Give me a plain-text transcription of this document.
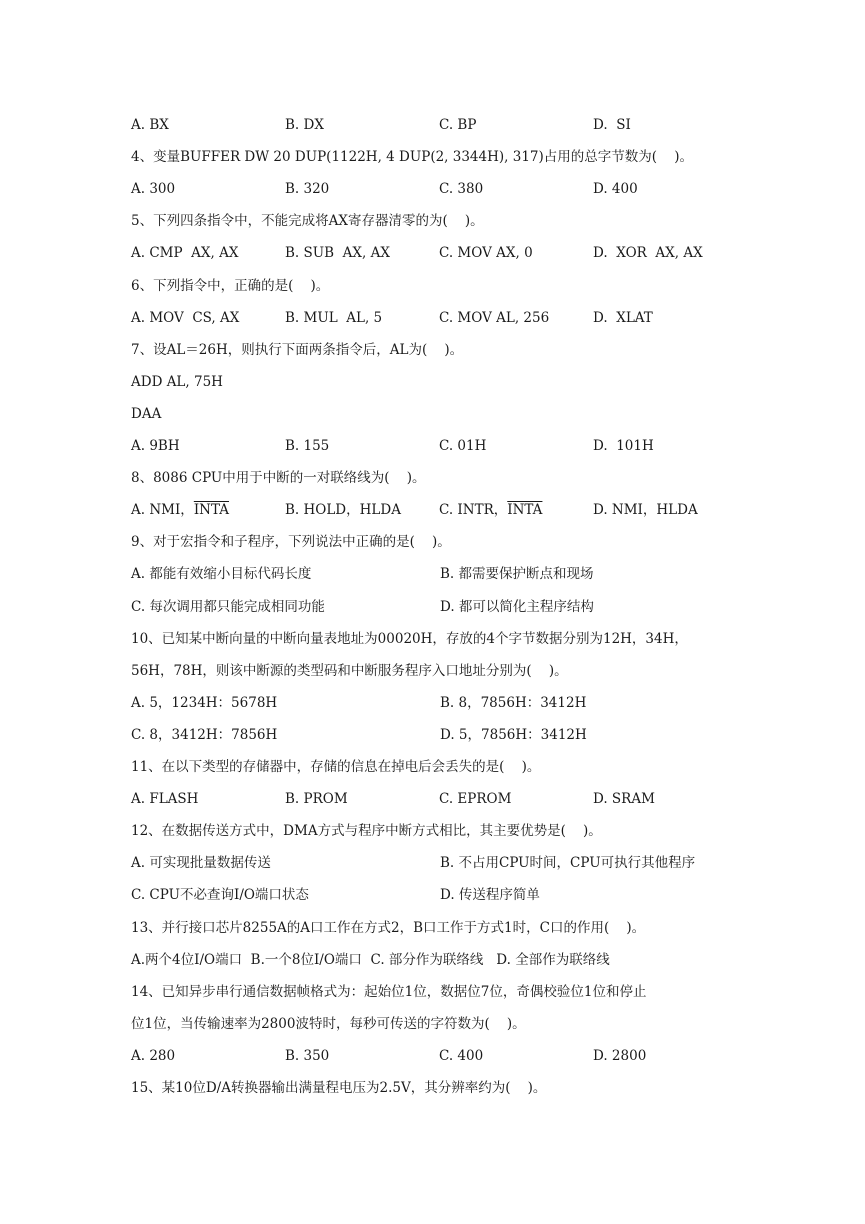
A. BX	B. DX	C. BP	D.  SI
4、变量BUFFER DW 20 DUP(1122H, 4 DUP(2, 3344H), 317)占用的总字节数为(    )。
A. 300	B. 320	C. 380	D. 400
5、下列四条指令中，不能完成将AX寄存器清零的为(    )。
A. CMP  AX, AX	B. SUB  AX, AX	C. MOV AX, 0	D.  XOR  AX, AX
6、下列指令中，正确的是(    )。
A. MOV  CS, AX	B. MUL  AL, 5	C. MOV AL, 256	D.  XLAT
7、设AL＝26H，则执行下面两条指令后，AL为(    )。
ADD AL, 75H
DAA
A. 9BH	B. 155	C. 01H	D.  101H
8、8086 CPU中用于中断的一对联络线为(    )。
A. NMI，INTA	B. HOLD，HLDA	C. INTR，INTA	D. NMI，HLDA
9、对于宏指令和子程序，下列说法中正确的是(    )。
A. 都能有效缩小目标代码长度	B. 都需要保护断点和现场
C. 每次调用都只能完成相同功能	D. 都可以简化主程序结构
10、已知某中断向量的中断向量表地址为00020H，存放的4个字节数据分别为12H，34H，
56H，78H，则该中断源的类型码和中断服务程序入口地址分别为(    )。
A. 5，1234H：5678H	B. 8，7856H：3412H
C. 8，3412H：7856H	D. 5，7856H：3412H
11、在以下类型的存储器中，存储的信息在掉电后会丢失的是(    )。
A. FLASH	B. PROM	C. EPROM	D. SRAM
12、在数据传送方式中，DMA方式与程序中断方式相比，其主要优势是(    )。
A. 可实现批量数据传送	B. 不占用CPU时间，CPU可执行其他程序
C. CPU不必查询I/O端口状态	D. 传送程序简单
13、并行接口芯片8255A的A口工作在方式2，B口工作于方式1时，C口的作用(    )。
A.两个4位I/O端口  B.一个8位I/O端口  C. 部分作为联络线   D. 全部作为联络线
14、已知异步串行通信数据帧格式为：起始位1位，数据位7位，奇偶校验位1位和停止
位1位，当传输速率为2800波特时，每秒可传送的字符数为(    )。
A. 280	B. 350	C. 400	D. 2800
15、某10位D/A转换器输出满量程电压为2.5V，其分辨率约为(    )。
